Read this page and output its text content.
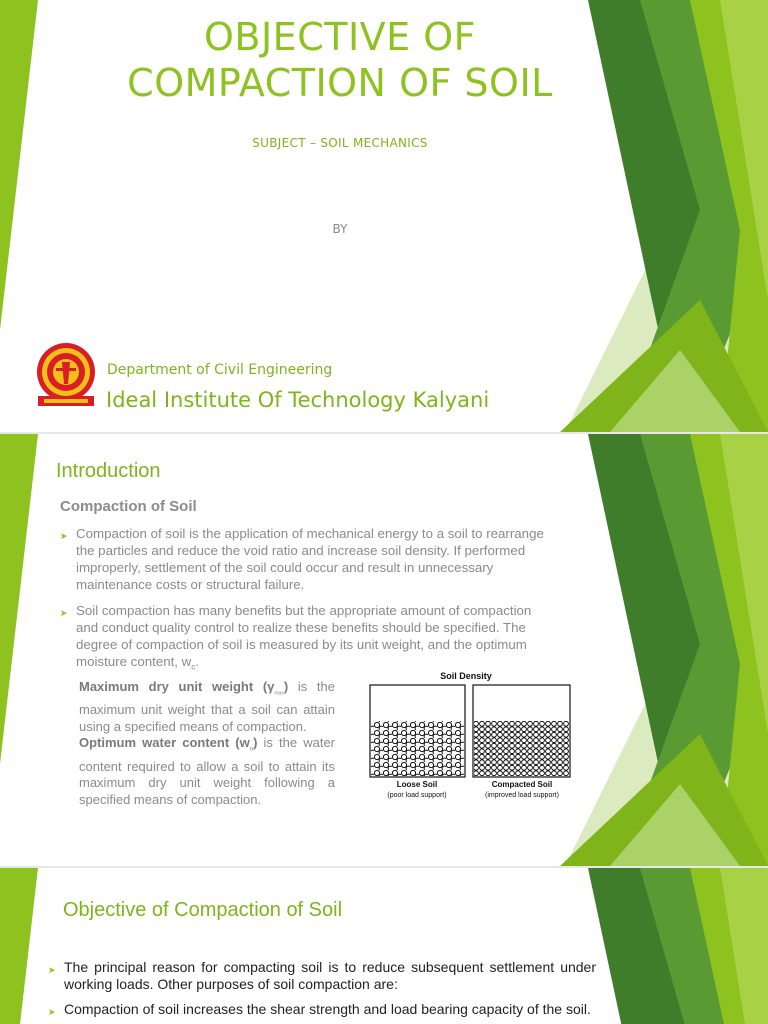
OBJECTIVE OF
COMPACTION OF SOIL
SUBJECT – SOIL MECHANICS
BY
Department of Civil Engineering
Ideal Institute Of Technology Kalyani
Introduction
Compaction of Soil
➤ Compaction of soil is the application of mechanical energy to a soil to rearrange the particles and reduce the void ratio and increase soil density. If performed improperly, settlement of the soil could occur and result in unnecessary maintenance costs or structural failure.
➤ Soil compaction has many benefits but the appropriate amount of compaction and conduct quality control to realize these benefits should be specified. The degree of compaction of soil is measured by its unit weight, and the optimum moisture content, $w_c$.
Maximum dry unit weight $(\gamma_{max})$ is the maximum unit weight that a soil can attain using a specified means of compaction.
Optimum water content $(w_o)$ is the water content required to allow a soil to attain its maximum dry unit weight following a specified means of compaction.
Soil Density
Loose Soil
(poor load support)
Compacted Soil
(improved load support)
Objective of Compaction of Soil
➤ The principal reason for compacting soil is to reduce subsequent settlement under working loads. Other purposes of soil compaction are:
➤ Compaction of soil increases the shear strength and load bearing capacity of the soil.
